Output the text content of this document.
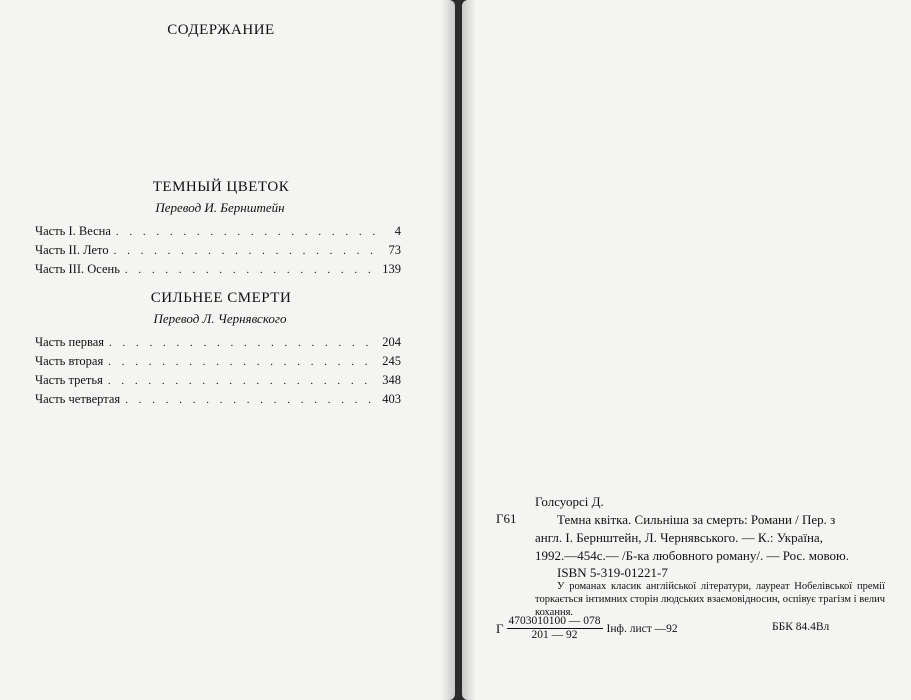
СОДЕРЖАНИЕ
ТЕМНЫЙ ЦВЕТОК
Перевод И. Бернштейн
Часть I. Весна . . .	4
Часть II. Лето . . .	73
Часть III. Осень . . .	139
СИЛЬНЕЕ СМЕРТИ
Перевод Л. Чернявского
Часть первая . . .	204
Часть вторая . . .	245
Часть третья . . .	348
Часть четвертая . . .	403
Голсуорсі Д.
Г61	Темна квітка. Сильніша за смерть: Романи / Пер. з

англ. І. Бернштейн, Л. Чернявського. — К.: Україна,

1992.—454с.— /Б-ка любовного роману/. — Рос. мовою.

ISBN 5-319-01221-7
У романах класик англійської літератури, лауреат Нобелівської премії торкається інтимних сторін людських взаємовідносин, оспівує трагізм і велич кохання.
Г $\frac{4703010100 — 078}{201 — 92}$ Інф. лист —92	ББК 84.4Вл
